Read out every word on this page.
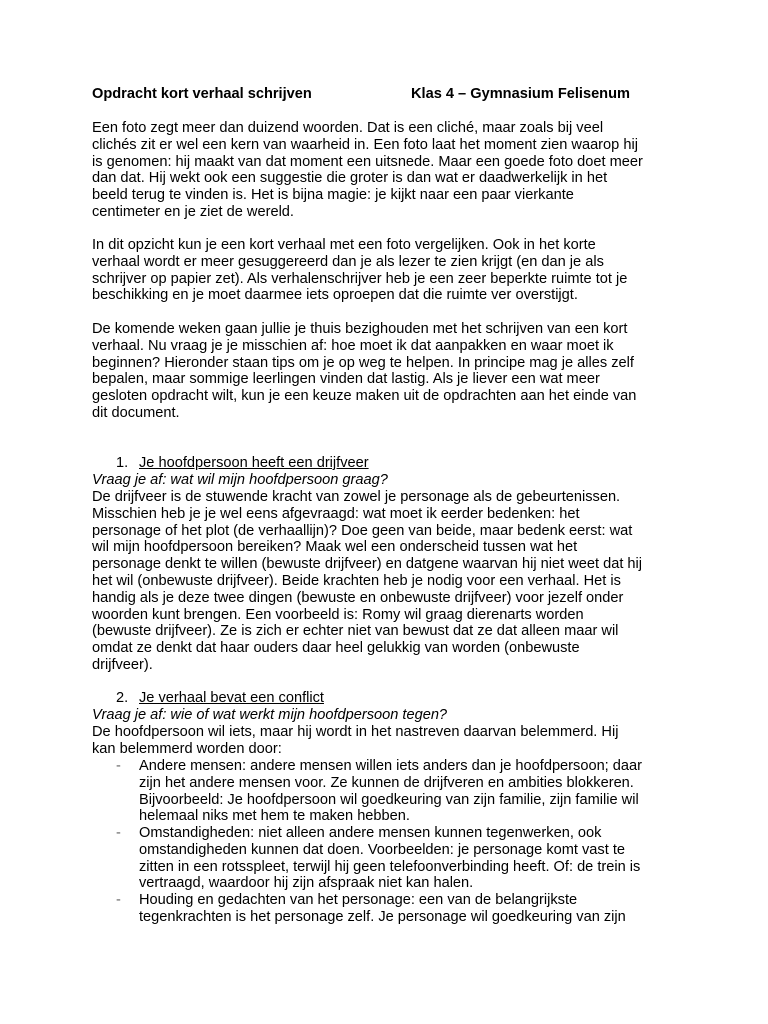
Opdracht kort verhaal schrijven	Klas 4 – Gymnasium Felisenum
Een foto zegt meer dan duizend woorden. Dat is een cliché, maar zoals bij veel
clichés zit er wel een kern van waarheid in. Een foto laat het moment zien waarop hij
is genomen: hij maakt van dat moment een uitsnede. Maar een goede foto doet meer
dan dat. Hij wekt ook een suggestie die groter is dan wat er daadwerkelijk in het
beeld terug te vinden is. Het is bijna magie: je kijkt naar een paar vierkante
centimeter en je ziet de wereld.
In dit opzicht kun je een kort verhaal met een foto vergelijken. Ook in het korte
verhaal wordt er meer gesuggereerd dan je als lezer te zien krijgt (en dan je als
schrijver op papier zet). Als verhalenschrijver heb je een zeer beperkte ruimte tot je
beschikking en je moet daarmee iets oproepen dat die ruimte ver overstijgt.
De komende weken gaan jullie je thuis bezighouden met het schrijven van een kort
verhaal. Nu vraag je je misschien af: hoe moet ik dat aanpakken en waar moet ik
beginnen? Hieronder staan tips om je op weg te helpen. In principe mag je alles zelf
bepalen, maar sommige leerlingen vinden dat lastig. Als je liever een wat meer
gesloten opdracht wilt, kun je een keuze maken uit de opdrachten aan het einde van
dit document.
1. Je hoofdpersoon heeft een drijfveer
Vraag je af: wat wil mijn hoofdpersoon graag?
De drijfveer is de stuwende kracht van zowel je personage als de gebeurtenissen.
Misschien heb je je wel eens afgevraagd: wat moet ik eerder bedenken: het
personage of het plot (de verhaallijn)? Doe geen van beide, maar bedenk eerst: wat
wil mijn hoofdpersoon bereiken? Maak wel een onderscheid tussen wat het
personage denkt te willen (bewuste drijfveer) en datgene waarvan hij niet weet dat hij
het wil (onbewuste drijfveer). Beide krachten heb je nodig voor een verhaal. Het is
handig als je deze twee dingen (bewuste en onbewuste drijfveer) voor jezelf onder
woorden kunt brengen. Een voorbeeld is: Romy wil graag dierenarts worden
(bewuste drijfveer). Ze is zich er echter niet van bewust dat ze dat alleen maar wil
omdat ze denkt dat haar ouders daar heel gelukkig van worden (onbewuste
drijfveer).
2. Je verhaal bevat een conflict
Vraag je af: wie of wat werkt mijn hoofdpersoon tegen?
De hoofdpersoon wil iets, maar hij wordt in het nastreven daarvan belemmerd. Hij
kan belemmerd worden door:
- Andere mensen: andere mensen willen iets anders dan je hoofdpersoon; daar
zijn het andere mensen voor. Ze kunnen de drijfveren en ambities blokkeren.
Bijvoorbeeld: Je hoofdpersoon wil goedkeuring van zijn familie, zijn familie wil
helemaal niks met hem te maken hebben.
- Omstandigheden: niet alleen andere mensen kunnen tegenwerken, ook
omstandigheden kunnen dat doen. Voorbeelden: je personage komt vast te
zitten in een rotsspleet, terwijl hij geen telefoonverbinding heeft. Of: de trein is
vertraagd, waardoor hij zijn afspraak niet kan halen.
- Houding en gedachten van het personage: een van de belangrijkste
tegenkrachten is het personage zelf. Je personage wil goedkeuring van zijn
